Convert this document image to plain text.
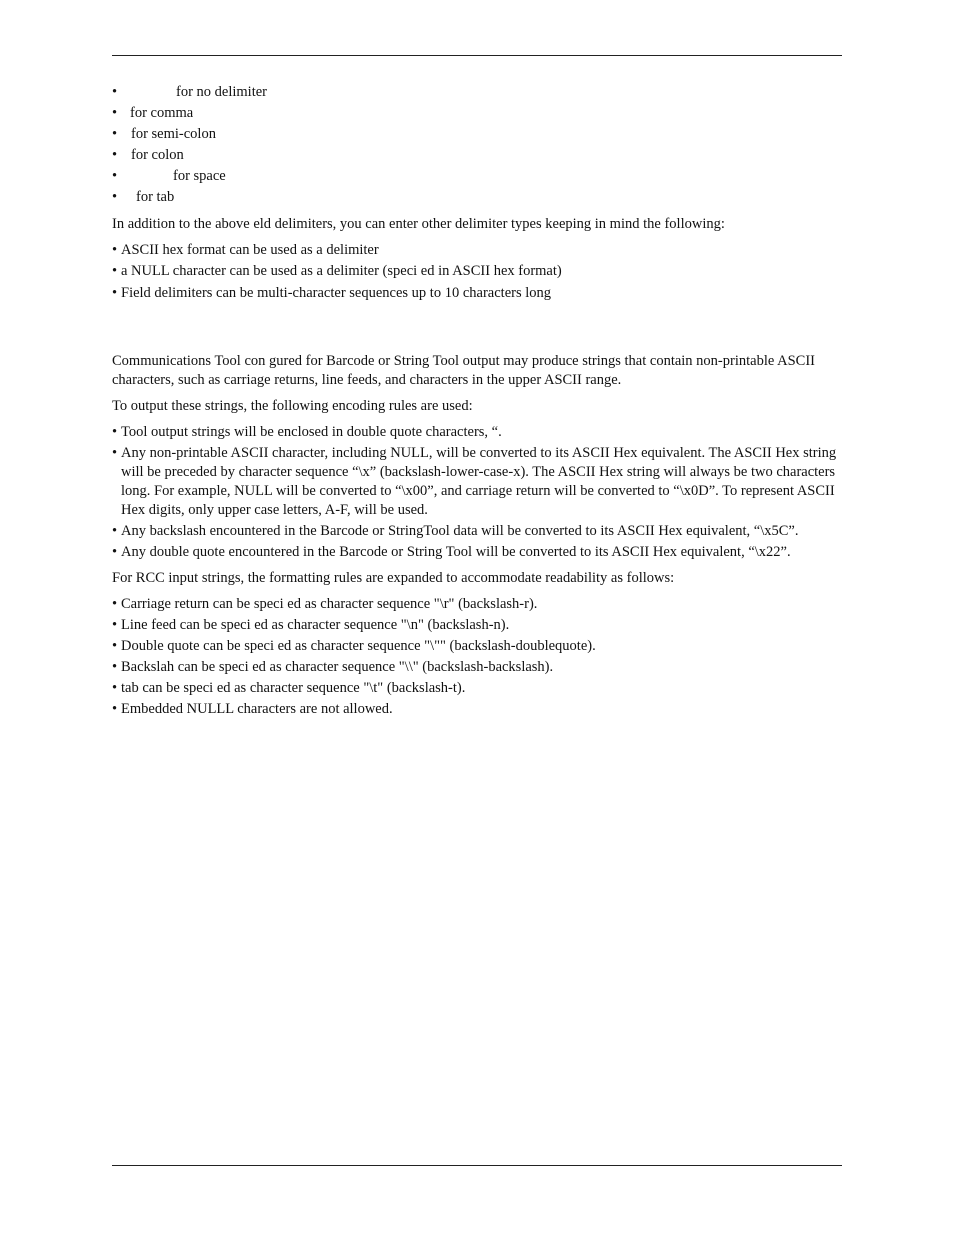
•	for no delimiter
• for comma
• for semi-colon
• for colon
•	for space
• for tab

In addition to the above eld delimiters, you can enter other delimiter types keeping in mind the following:

• ASCII hex format can be used as a delimiter
• a NULL character can be used as a delimiter (speci ed in ASCII hex format)
• Field delimiters can be multi-character sequences up to 10 characters long

Communications Tool con gured for Barcode or String Tool output may produce strings that contain non-printable ASCII characters, such as carriage returns, line feeds, and characters in the upper ASCII range.

To output these strings, the following encoding rules are used:

• Tool output strings will be enclosed in double quote characters, “.
• Any non-printable ASCII character, including NULL, will be converted to its ASCII Hex equivalent. The ASCII Hex string will be preceded by character sequence “\x” (backslash-lower-case-x). The ASCII Hex string will always be two characters long. For example, NULL will be converted to “\x00”, and carriage return will be converted to “\x0D”. To represent ASCII Hex digits, only upper case letters, A-F, will be used.
• Any backslash encountered in the Barcode or StringTool data will be converted to its ASCII Hex equivalent, “\x5C”.
• Any double quote encountered in the Barcode or String Tool will be converted to its ASCII Hex equivalent, “\x22”.

For RCC input strings, the formatting rules are expanded to accommodate readability as follows:

• Carriage return can be speci ed as character sequence "\r" (backslash-r).
• Line feed can be speci ed as character sequence "\n" (backslash-n).
• Double quote can be speci ed as character sequence "\"" (backslash-doublequote).
• Backslah can be speci ed as character sequence "\\" (backslash-backslash).
• tab can be speci ed as character sequence "\t" (backslash-t).
• Embedded NULLL characters are not allowed.
